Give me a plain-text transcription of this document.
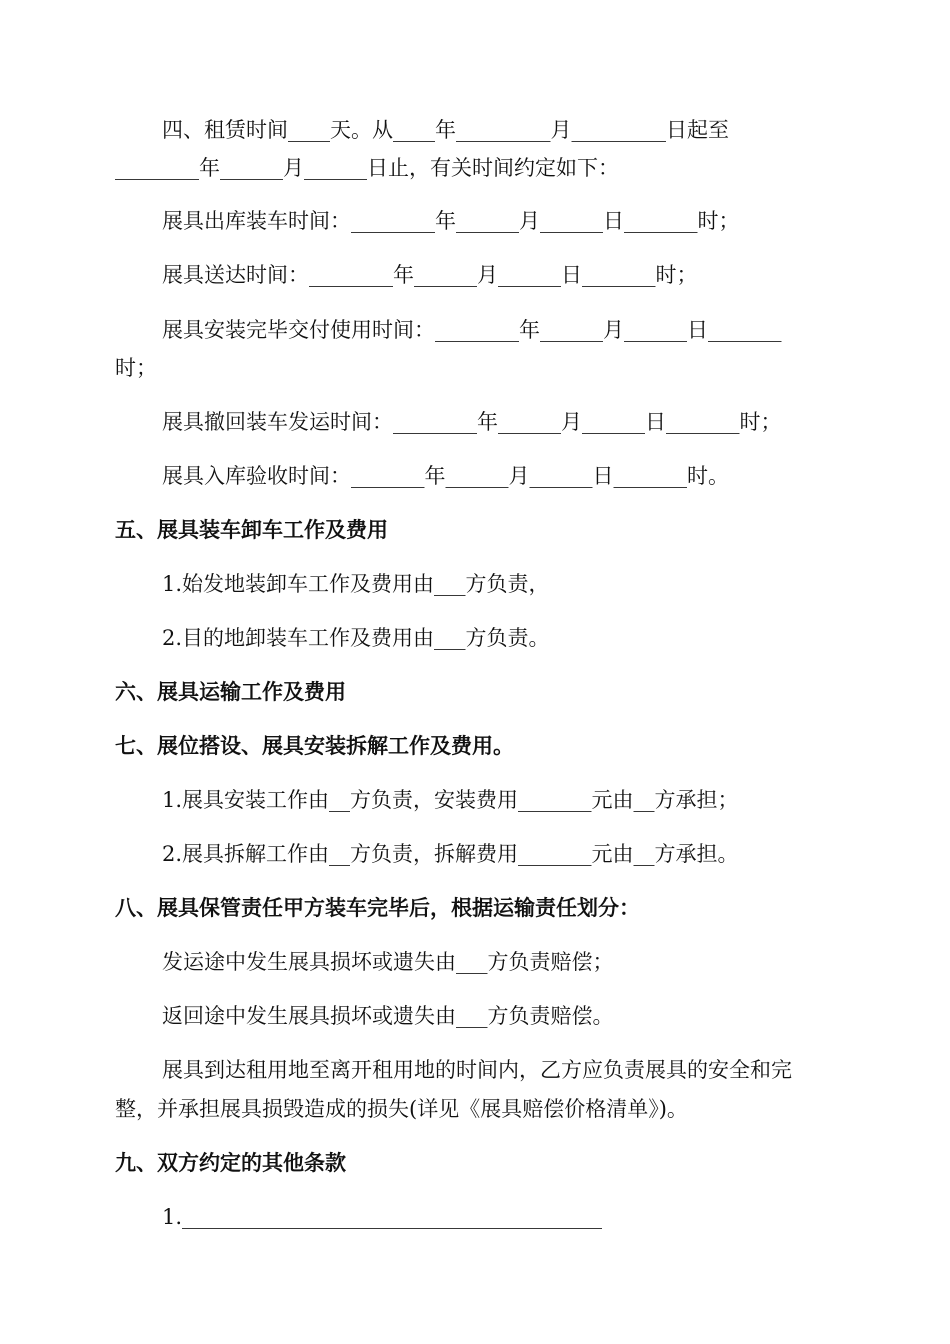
四、租赁时间____天。从____年_________月_________日起至
________年______月______日止，有关时间约定如下：
展具出库装车时间：________年______月______日_______时；
展具送达时间：________年______月______日_______时；
展具安装完毕交付使用时间：________年______月______日_______
时；
展具撤回装车发运时间：________年______月______日_______时；
展具入库验收时间：_______年______月______日_______时。
五、展具装车卸车工作及费用
1.始发地装卸车工作及费用由___方负责，
2.目的地卸装车工作及费用由___方负责。
六、展具运输工作及费用
七、展位搭设、展具安装拆解工作及费用。
1.展具安装工作由__方负责，安装费用_______元由__方承担；
2.展具拆解工作由__方负责，拆解费用_______元由__方承担。
八、展具保管责任甲方装车完毕后，根据运输责任划分：
发运途中发生展具损坏或遗失由___方负责赔偿；
返回途中发生展具损坏或遗失由___方负责赔偿。
展具到达租用地至离开租用地的时间内，乙方应负责展具的安全和完
整，并承担展具损毁造成的损失(详见《展具赔偿价格清单》)。
九、双方约定的其他条款
1.________________________________________
